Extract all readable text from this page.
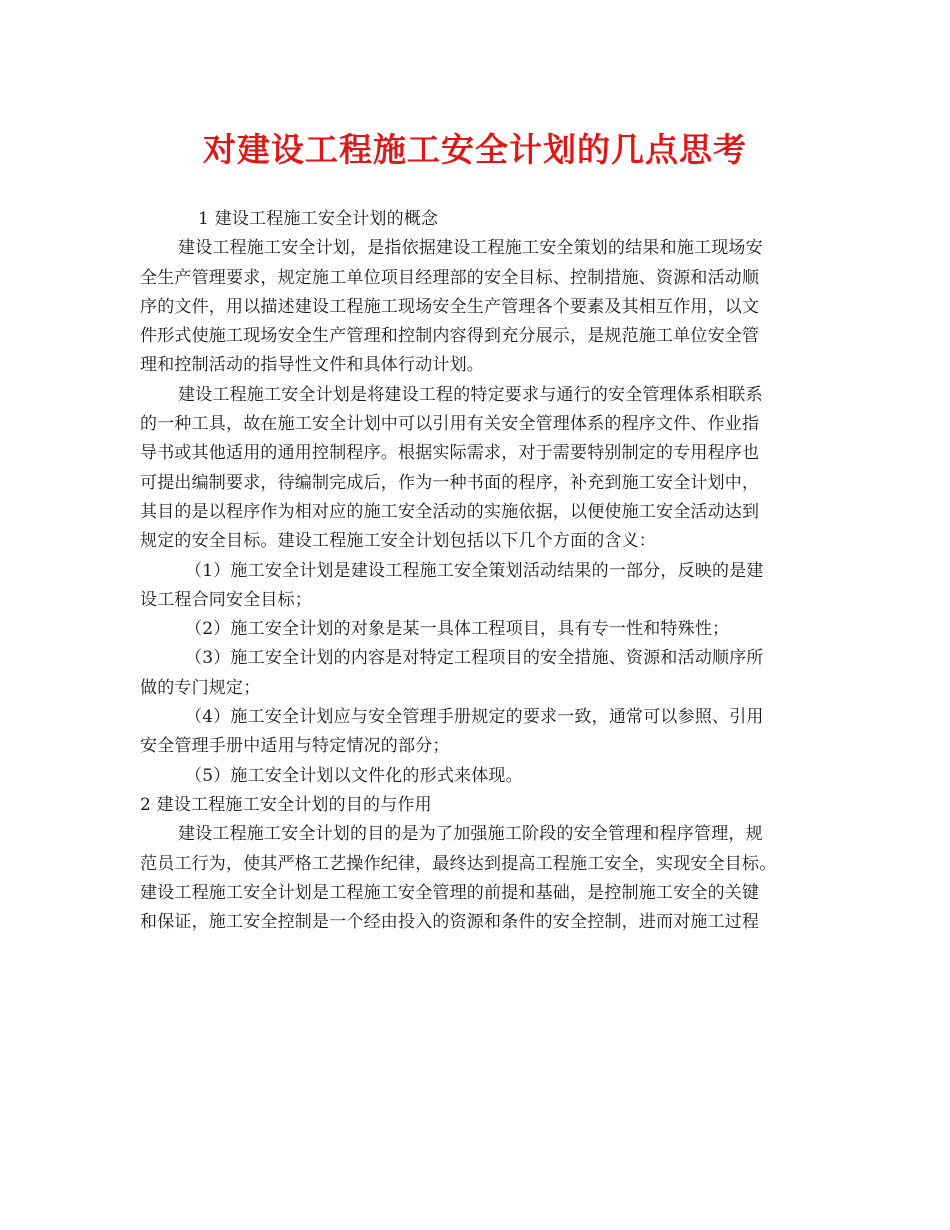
对建设工程施工安全计划的几点思考
1 建设工程施工安全计划的概念
建设工程施工安全计划，是指依据建设工程施工安全策划的结果和施工现场安
全生产管理要求，规定施工单位项目经理部的安全目标、控制措施、资源和活动顺
序的文件，用以描述建设工程施工现场安全生产管理各个要素及其相互作用，以文
件形式使施工现场安全生产管理和控制内容得到充分展示，是规范施工单位安全管
理和控制活动的指导性文件和具体行动计划。
建设工程施工安全计划是将建设工程的特定要求与通行的安全管理体系相联系
的一种工具，故在施工安全计划中可以引用有关安全管理体系的程序文件、作业指
导书或其他适用的通用控制程序。根据实际需求，对于需要特别制定的专用程序也
可提出编制要求，待编制完成后，作为一种书面的程序，补充到施工安全计划中，
其目的是以程序作为相对应的施工安全活动的实施依据，以便使施工安全活动达到
规定的安全目标。建设工程施工安全计划包括以下几个方面的含义：
（1）施工安全计划是建设工程施工安全策划活动结果的一部分，反映的是建
设工程合同安全目标；
（2）施工安全计划的对象是某一具体工程项目，具有专一性和特殊性；
（3）施工安全计划的内容是对特定工程项目的安全措施、资源和活动顺序所
做的专门规定；
（4）施工安全计划应与安全管理手册规定的要求一致，通常可以参照、引用
安全管理手册中适用与特定情况的部分；
（5）施工安全计划以文件化的形式来体现。
2 建设工程施工安全计划的目的与作用
建设工程施工安全计划的目的是为了加强施工阶段的安全管理和程序管理，规
范员工行为，使其严格工艺操作纪律，最终达到提高工程施工安全，实现安全目标。
建设工程施工安全计划是工程施工安全管理的前提和基础，是控制施工安全的关键
和保证，施工安全控制是一个经由投入的资源和条件的安全控制，进而对施工过程
